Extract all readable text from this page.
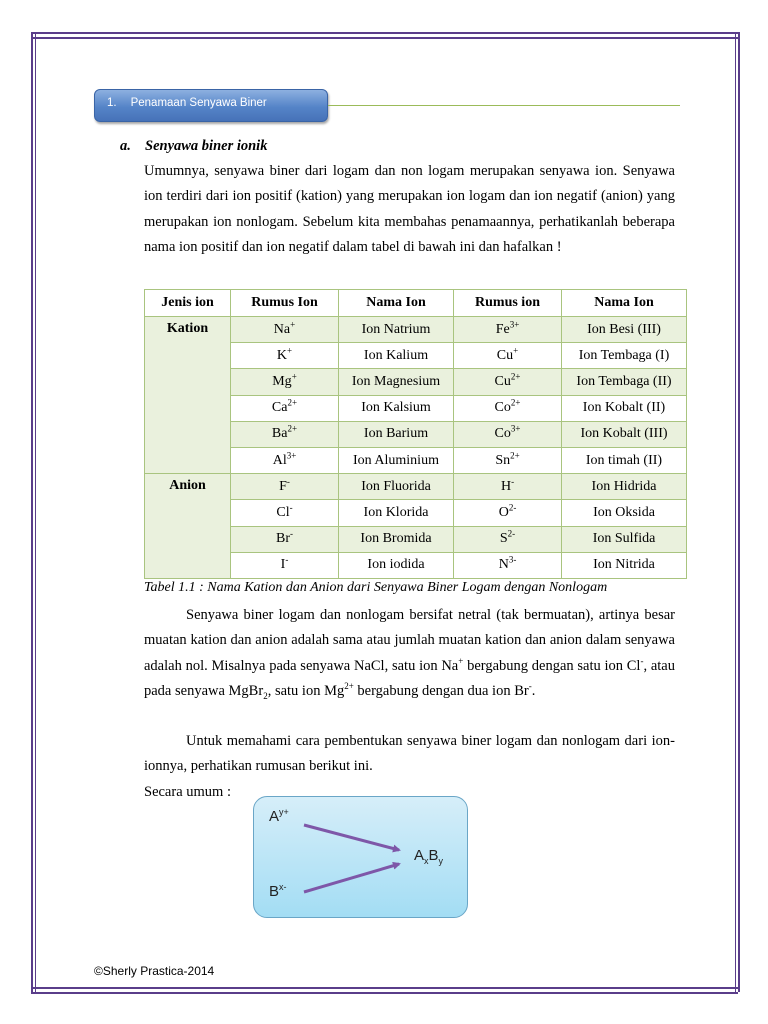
1. Penamaan Senyawa Biner
a. Senyawa biner ionik
Umumnya, senyawa biner dari logam dan non logam merupakan senyawa ion. Senyawa ion terdiri dari ion positif (kation) yang merupakan ion logam dan ion negatif (anion) yang merupakan ion nonlogam. Sebelum kita membahas penamaannya, perhatikanlah beberapa nama ion positif dan ion negatif dalam tabel di bawah ini dan hafalkan !
Jenis ion	Rumus Ion	Nama Ion	Rumus ion	Nama Ion
Kation	Na+	Ion Natrium	$Fe^{3+}$	Ion Besi (III)
	K+	Ion Kalium	Cu+	Ion Tembaga (I)
	Mg+	Ion Magnesium	$Cu^{2+}$	Ion Tembaga (II)
	$Ca^{2+}$	Ion Kalsium	$Co^{2+}$	Ion Kobalt (II)
	$Ba^{2+}$	Ion Barium	$Co^{3+}$	Ion Kobalt (III)
	$Al^{3+}$	Ion Aluminium	$Sn^{2+}$	Ion timah (II)
Anion	F-	Ion Fluorida	H-	Ion Hidrida
	Cl-	Ion Klorida	$O^{2-}$	Ion Oksida
	Br-	Ion Bromida	$S^{2-}$	Ion Sulfida
	I-	Ion iodida	$N^{3-}$	Ion Nitrida
Tabel 1.1 : Nama Kation dan Anion dari Senyawa Biner Logam dengan Nonlogam
Senyawa biner logam dan nonlogam bersifat netral (tak bermuatan), artinya besar muatan kation dan anion adalah sama atau jumlah muatan kation dan anion dalam senyawa adalah nol. Misalnya pada senyawa NaCl, satu ion Na+ bergabung dengan satu ion Cl-, atau pada senyawa MgBr$_2$, satu ion $Mg^{2+}$ bergabung dengan dua ion Br-.
Untuk memahami cara pembentukan senyawa biner logam dan nonlogam dari ion-ionnya, perhatikan rumusan berikut ini.
Secara umum :
$A^{y+}$
$A_xB_y$
$B^{x-}$
©Sherly Prastica-2014
